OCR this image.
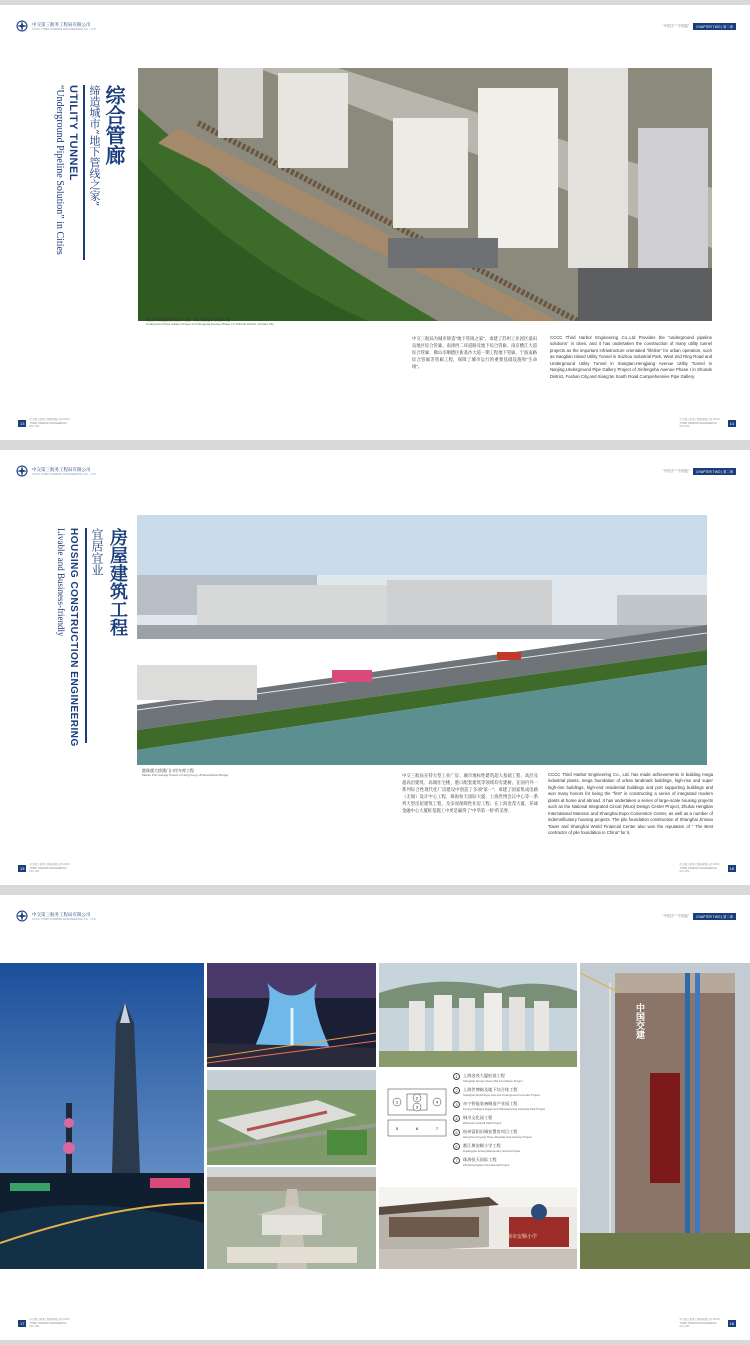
中交第三航务工程局有限公司
CCCC THIRD HARBOR ENGINEERING CO., LTD.
“中国天” “中国蓝”	CHAPTER TWO | 第二章
综合管廊
缔造城市“地下管线之家”
UTILITY TUNNEL
“Underground Pipeline Solution” in Cities
佛山市顺德区新基沙大道一期工程地下管廊工程
Underground Pipe Gallery Project of Xinfengsha Avenue Phase I in Shunde District, Foshan City

中交三航局为城市缔造“地下管线之家”，承建了苏州工业园区桑田岛地区综合管廊、南津西二环道路及地下综合管廊、南京横江大道综合管廊、佛山市顺德区新基沙大道一期工程地下管廊、宁波南路综合管廊等管廊工程，保障了城市运行的重要基础设施和“生命线”。

CCCC Third Harbor Engineering Co.,Ltd Provides the “underground pipeline solutions” in cities, and it has undertaken the construction of many utility tunnel projects as the important infrastructure orientated “lifeline” for urban operation, such as Sangtian Island Utility Tunnel in Suzhou Industrial Park, West 2nd Ring Road and Underground Utility Tunnel in Xiangtan,Hengjiang Avenue Utility Tunnel in Nanjing,Underground Pipe Gallery Project of Xinfengsha Avenue Phase I in Shunde District, Foshan City,and Xiang’an South Road Comprehensive Pipe Gallery.

13
中交第三航务工程局有限公司 CCCC THIRD HARBOR ENGINEERING CO.,LTD.
中交第三航务工程局有限公司 CCCC THIRD HARBOR ENGINEERING CO.,LTD.
14
中交第三航务工程局有限公司
CCCC THIRD HARBOR ENGINEERING CO., LTD.
“中国天” “中国蓝”	CHAPTER TWO | 第二章
房屋建筑工程
宜居宜业
HOUSING CONSTRUCTION ENGINEERING
Livable and Business-friendly
港珠澳大桥澳门口岸车库工程
Macau Port Garage Project of Hong Kong -Zhuhai-Macau Bridge	中交三航局在特大型工业厂房、城市地标性建筑超大基础工程、高层及超高层建筑、高端住宅楼、港口配套建筑等领域均有建树。在国内外一系列综合性现代化厂房建设中创造了多项“第一”；承建了国家集成电路（无锡）设计中心工程、珠海恒天国际大厦、上海世博会议中心等一系列大型房屋建筑工程，及多项保障性住房工程；在上海金茂大厦、环球金融中心大厦桩基施工中更是赢得了“中华第一桩”的美誉。

CCCC Third Harbor Engineering Co., Ltd. has made achievements in building mega industrial plants, mega foundation of urban landmark buildings, high-rise and super high-rise buildings, high-end residential buildings and port supporting buildings and won many honors for being the “first” in constructing a series of integrated modern plants at home and abroad. It has undertaken a series of large-scale housing projects such as the National Integrated Circuit (Wuxi) Design Center Project, Zhuhai Hengtian International Mansion and Shanghai Expo Convention Center, as well as a number of indemnificatory housing projects. The pile foundation construction of Shanghai Jinmao Tower and Shanghai World Financial Center also won the reputation of “ The Best contractor of pile foundation in China” for it.

15
中交第三航务工程局有限公司 CCCC THIRD HARBOR ENGINEERING CO.,LTD.
中交第三航务工程局有限公司 CCCC THIRD HARBOR ENGINEERING CO.,LTD.
16
中交第三航务工程局有限公司
CCCC THIRD HARBOR ENGINEERING CO., LTD.
“中国天” “中国蓝”	CHAPTER TWO | 第二章
1
2
3
4
5	6	7
1	上海金茂大厦桩基工程
Shanghai Jinmao Tower Pile Foundation Project
2	上海世博轴及地下综合体工程
Shanghai World Expo Axis and Underground Complex Project
3	阜宁智能装备制造产业园工程
Funing Intelligent Equipment Manufacturing Industrial Park Project
4	铜川文化园工程
Wuchuan Cultural Park Project
5	杭州富阳旧城安置房项目工程
Hangzhou Fuyang Three-Resettlement Housing Project
6	都江堰安顺小学工程
Dujiangyan Anfeng Elementary School Project
7	珠海恒天国际工程
Zhuhai Hengtian International Project
都江堰市安顺小学
中国交建
17
中交第三航务工程局有限公司 CCCC THIRD HARBOR ENGINEERING CO.,LTD.
中交第三航务工程局有限公司 CCCC THIRD HARBOR ENGINEERING CO.,LTD.
18
